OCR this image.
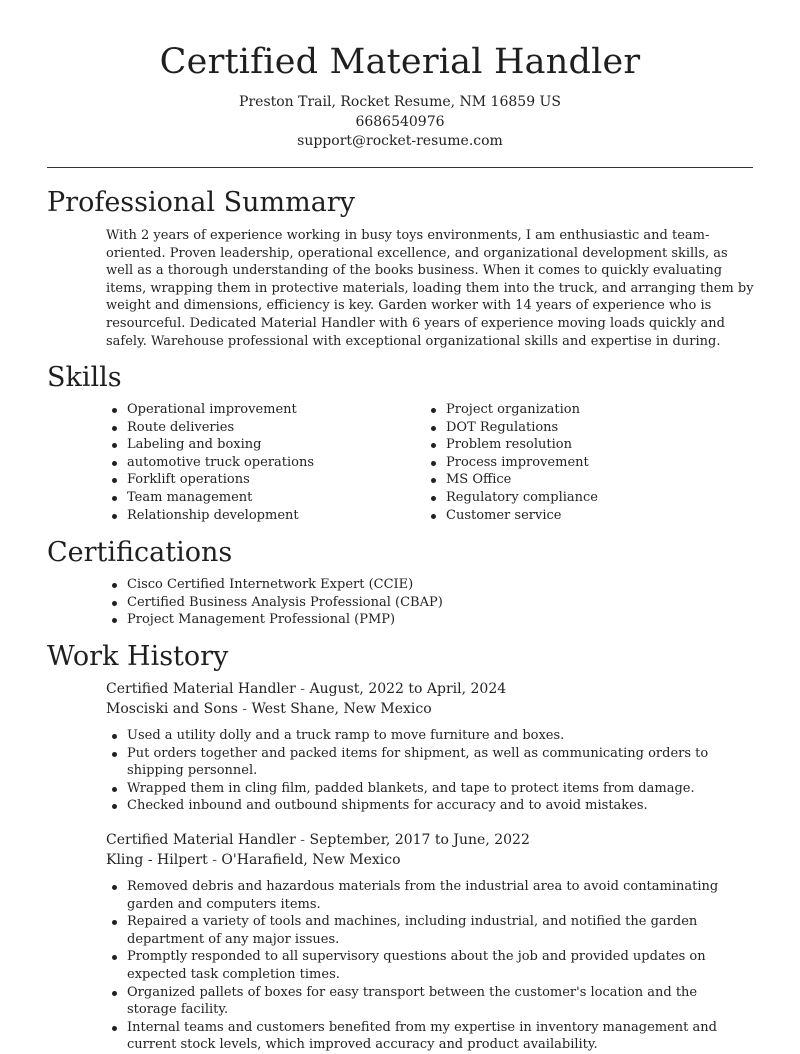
Certified Material Handler
Preston Trail, Rocket Resume, NM 16859 US
6686540976
support@rocket-resume.com
Professional Summary
With 2 years of experience working in busy toys environments, I am enthusiastic and team-oriented. Proven leadership, operational excellence, and organizational development skills, as well as a thorough understanding of the books business. When it comes to quickly evaluating items, wrapping them in protective materials, loading them into the truck, and arranging them by weight and dimensions, efficiency is key. Garden worker with 14 years of experience who is resourceful. Dedicated Material Handler with 6 years of experience moving loads quickly and safely. Warehouse professional with exceptional organizational skills and expertise in during.
Skills
Operational improvement
Route deliveries
Labeling and boxing
automotive truck operations
Forklift operations
Team management
Relationship development
Project organization
DOT Regulations
Problem resolution
Process improvement
MS Office
Regulatory compliance
Customer service
Certifications
Cisco Certified Internetwork Expert (CCIE)
Certified Business Analysis Professional (CBAP)
Project Management Professional (PMP)
Work History
Certified Material Handler - August, 2022 to April, 2024
Mosciski and Sons - West Shane, New Mexico
Used a utility dolly and a truck ramp to move furniture and boxes.
Put orders together and packed items for shipment, as well as communicating orders to shipping personnel.
Wrapped them in cling film, padded blankets, and tape to protect items from damage.
Checked inbound and outbound shipments for accuracy and to avoid mistakes.
Certified Material Handler - September, 2017 to June, 2022
Kling - Hilpert - O'Harafield, New Mexico
Removed debris and hazardous materials from the industrial area to avoid contaminating garden and computers items.
Repaired a variety of tools and machines, including industrial, and notified the garden department of any major issues.
Promptly responded to all supervisory questions about the job and provided updates on expected task completion times.
Organized pallets of boxes for easy transport between the customer's location and the storage facility.
Internal teams and customers benefited from my expertise in inventory management and current stock levels, which improved accuracy and product availability.
